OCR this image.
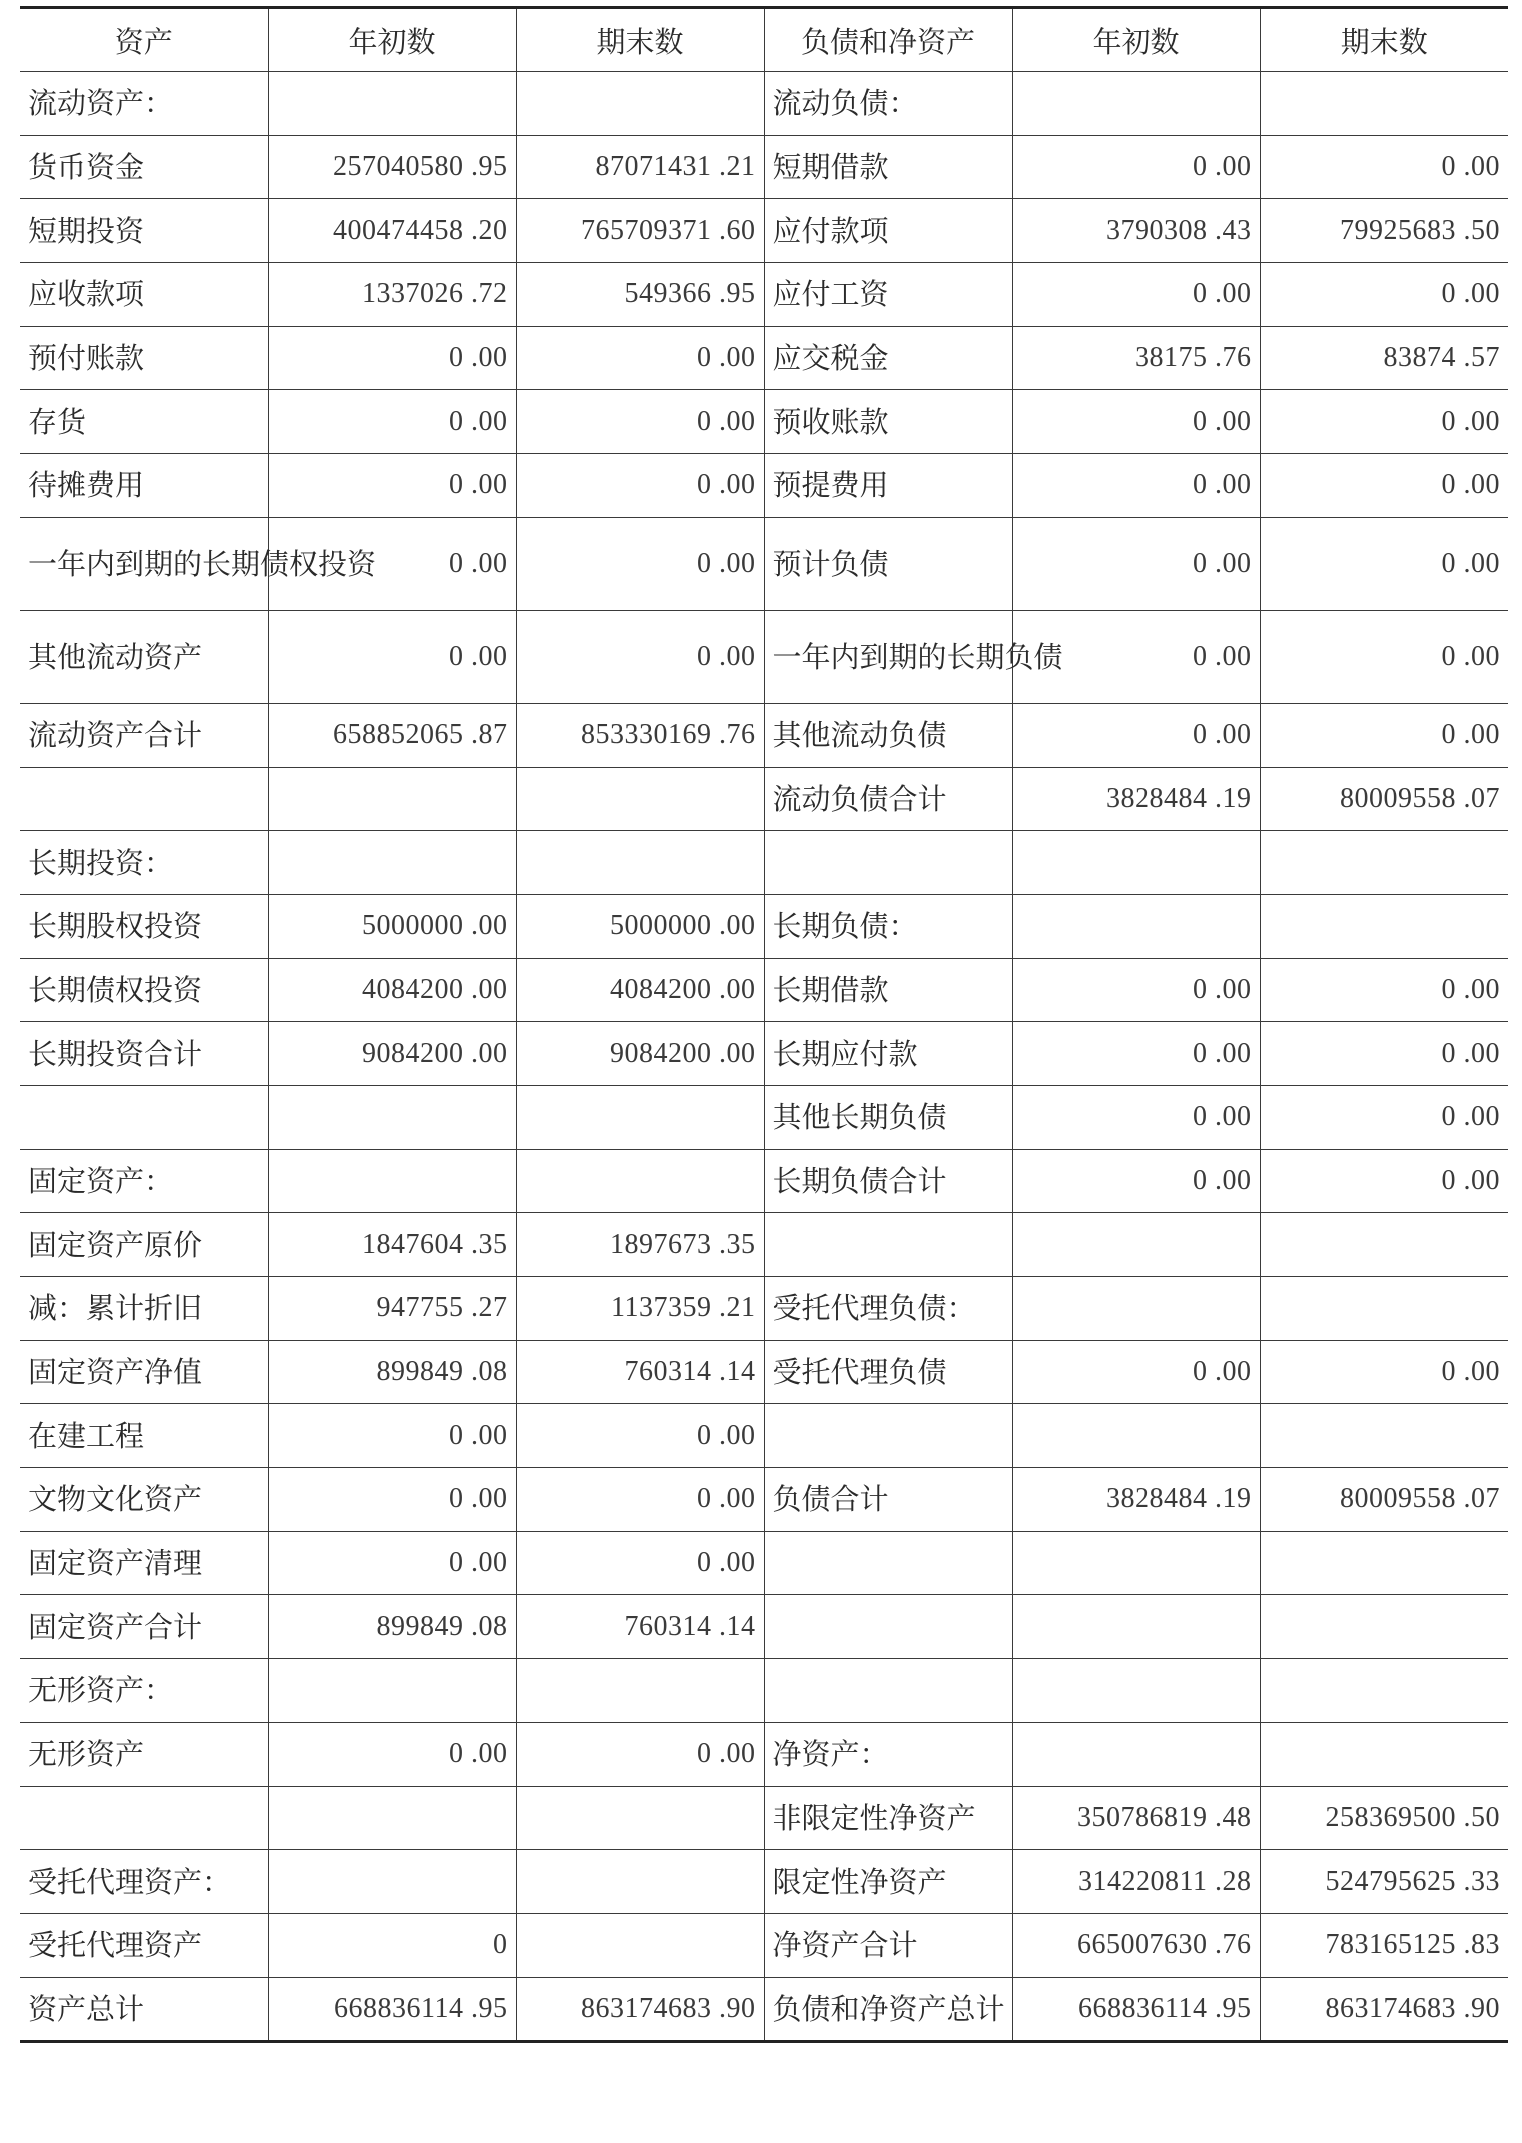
资产	年初数	期末数	负债和净资产	年初数	期末数
流动资产：			流动负债：		
货币资金	257040580 .95	87071431 .21	短期借款	0 .00	0 .00
短期投资	400474458 .20	765709371 .60	应付款项	3790308 .43	79925683 .50
应收款项	1337026 .72	549366 .95	应付工资	0 .00	0 .00
预付账款	0 .00	0 .00	应交税金	38175 .76	83874 .57
存货	0 .00	0 .00	预收账款	0 .00	0 .00
待摊费用	0 .00	0 .00	预提费用	0 .00	0 .00
一年内到期的长期债权投资	0 .00	0 .00	预计负债	0 .00	0 .00
其他流动资产	0 .00	0 .00	一年内到期的长期负债	0 .00	0 .00
流动资产合计	658852065 .87	853330169 .76	其他流动负债	0 .00	0 .00
			流动负债合计	3828484 .19	80009558 .07
长期投资：					
长期股权投资	5000000 .00	5000000 .00	长期负债：		
长期债权投资	4084200 .00	4084200 .00	长期借款	0 .00	0 .00
长期投资合计	9084200 .00	9084200 .00	长期应付款	0 .00	0 .00
			其他长期负债	0 .00	0 .00
固定资产：			长期负债合计	0 .00	0 .00
固定资产原价	1847604 .35	1897673 .35			
减：累计折旧	947755 .27	1137359 .21	受托代理负债：		
固定资产净值	899849 .08	760314 .14	受托代理负债	0 .00	0 .00
在建工程	0 .00	0 .00			
文物文化资产	0 .00	0 .00	负债合计	3828484 .19	80009558 .07
固定资产清理	0 .00	0 .00			
固定资产合计	899849 .08	760314 .14			
无形资产：					
无形资产	0 .00	0 .00	净资产：		
			非限定性净资产	350786819 .48	258369500 .50
受托代理资产：			限定性净资产	314220811 .28	524795625 .33
受托代理资产	0		净资产合计	665007630 .76	783165125 .83
资产总计	668836114 .95	863174683 .90	负债和净资产总计	668836114 .95	863174683 .90
